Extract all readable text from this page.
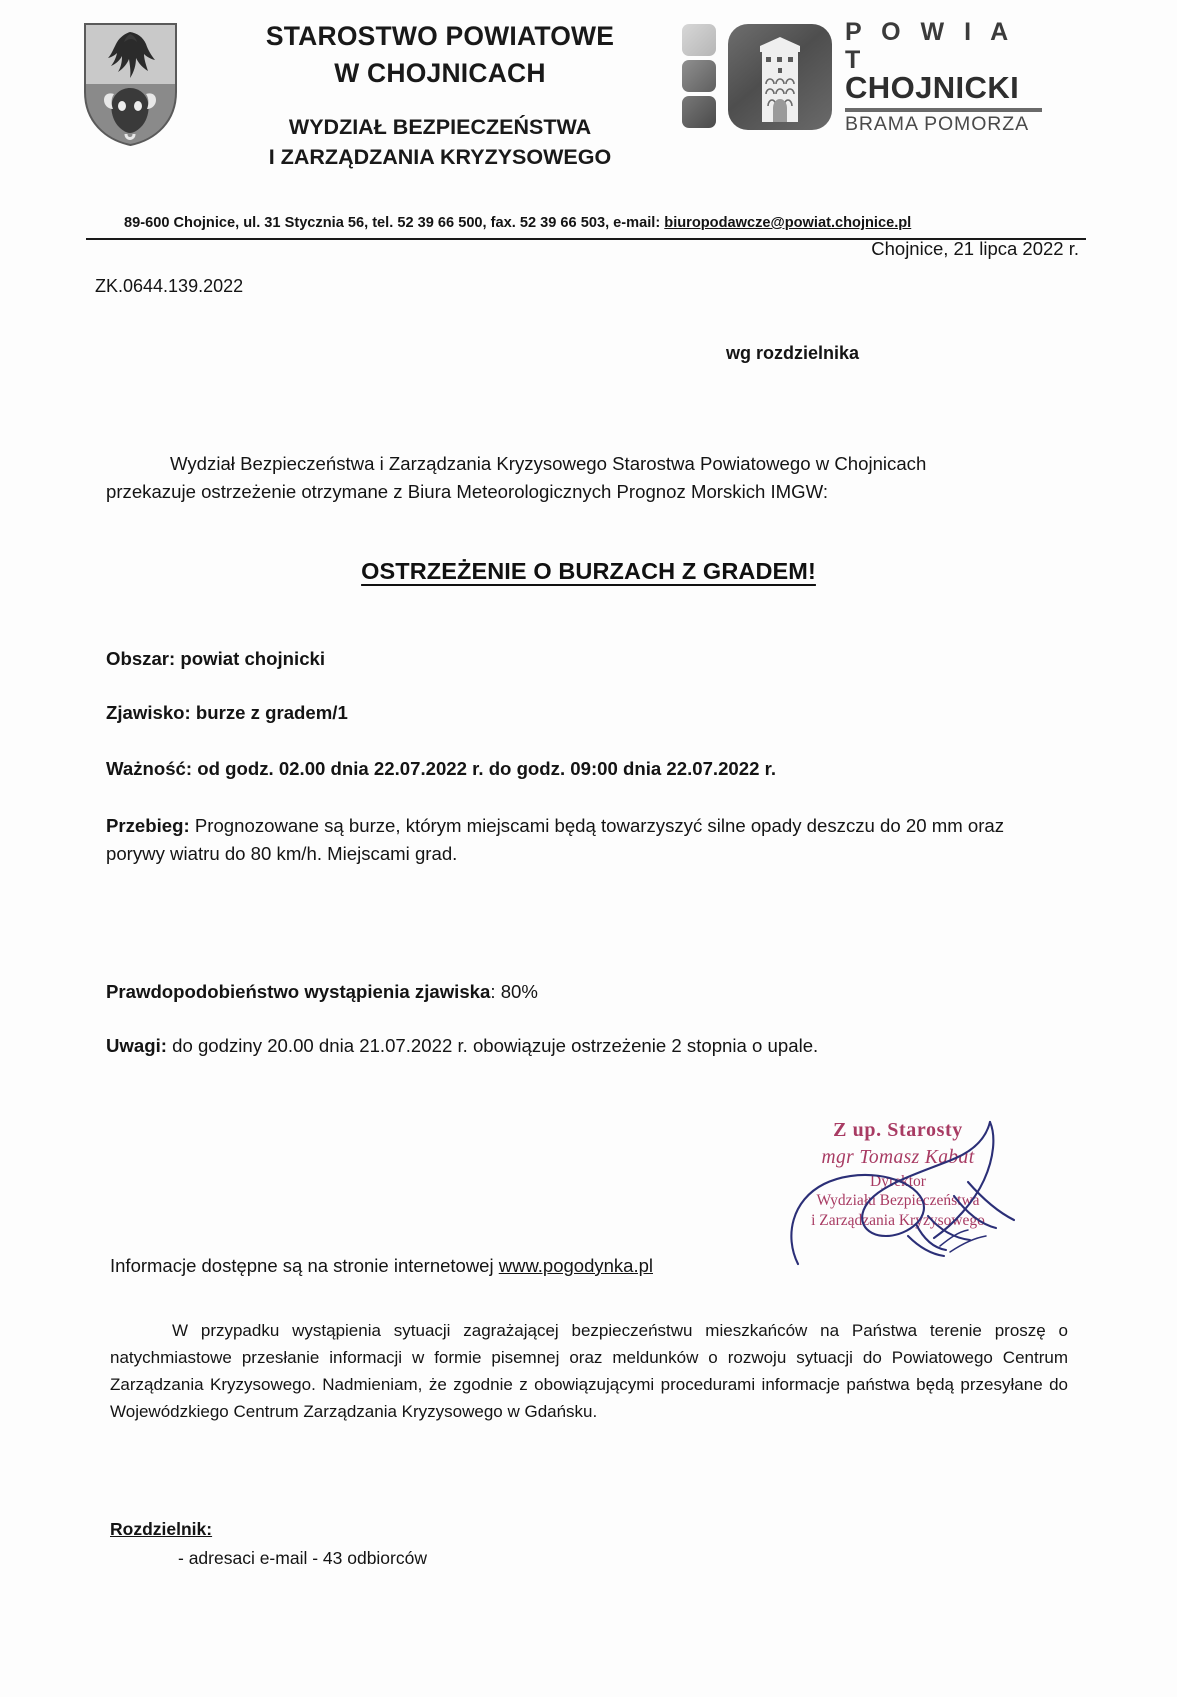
STAROSTWO POWIATOWE
W CHOJNICACH
WYDZIAŁ BEZPIECZEŃSTWA
I ZARZĄDZANIA KRYZYSOWEGO
P O W I A T
CHOJNICKI
BRAMA POMORZA
89-600 Chojnice, ul. 31 Stycznia 56, tel. 52 39 66 500, fax. 52 39 66 503, e-mail: biuropodawcze@powiat.chojnice.pl
Chojnice, 21 lipca 2022 r.
ZK.0644.139.2022
wg rozdzielnika
Wydział Bezpieczeństwa i Zarządzania Kryzysowego Starostwa Powiatowego w Chojnicach przekazuje ostrzeżenie otrzymane z Biura Meteorologicznych Prognoz Morskich IMGW:
OSTRZEŻENIE O BURZACH Z GRADEM!
Obszar: powiat chojnicki
Zjawisko: burze z gradem/1
Ważność: od godz. 02.00 dnia 22.07.2022 r. do godz. 09:00 dnia 22.07.2022 r.
Przebieg: Prognozowane są burze, którym miejscami będą towarzyszyć silne opady deszczu do 20 mm oraz porywy wiatru do 80 km/h. Miejscami grad.
Prawdopodobieństwo wystąpienia zjawiska: 80%
Uwagi: do godziny 20.00 dnia 21.07.2022 r. obowiązuje ostrzeżenie 2 stopnia o upale.
Z up. Starosty
mgr Tomasz Kabat
Dyrektor
Wydziału Bezpieczeństwa
i Zarządzania Kryzysowego
Informacje dostępne są na stronie internetowej www.pogodynka.pl
W przypadku wystąpienia sytuacji zagrażającej bezpieczeństwu mieszkańców na Państwa terenie proszę o natychmiastowe przesłanie informacji w formie pisemnej oraz meldunków o rozwoju sytuacji do Powiatowego Centrum Zarządzania Kryzysowego. Nadmieniam, że zgodnie z obowiązującymi procedurami informacje państwa będą przesyłane do Wojewódzkiego Centrum Zarządzania Kryzysowego w Gdańsku.
Rozdzielnik:
- adresaci e-mail - 43 odbiorców
